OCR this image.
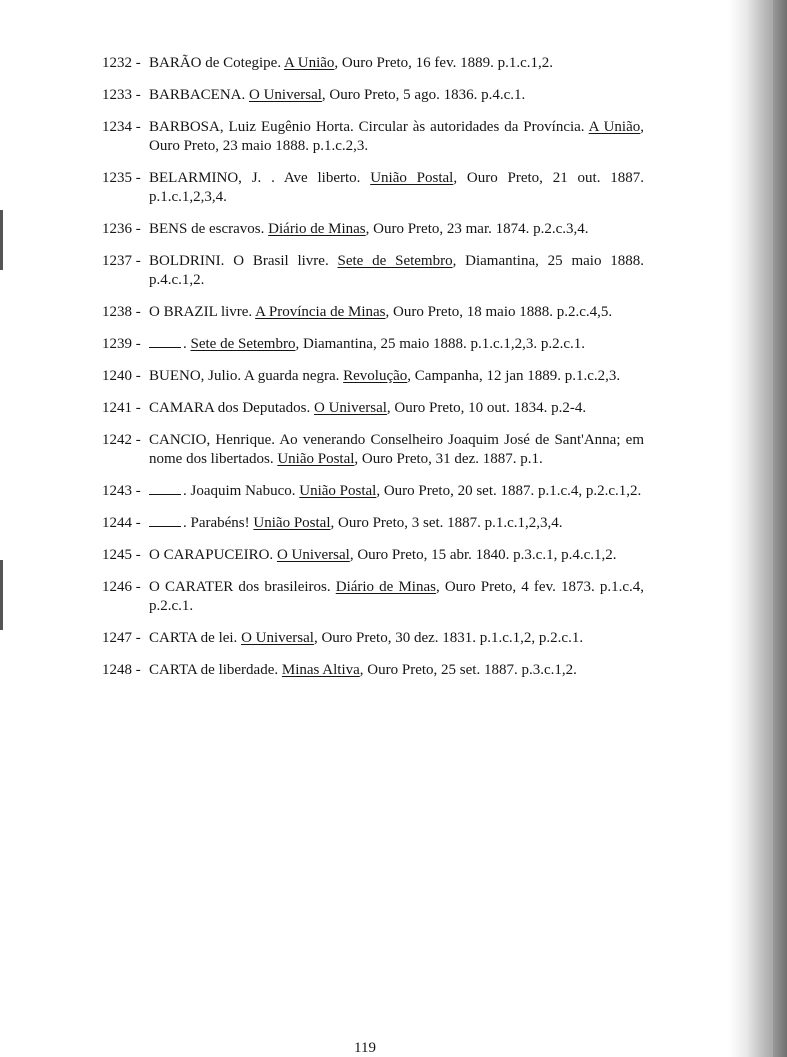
1232 - BARÃO de Cotegipe. A União, Ouro Preto, 16 fev. 1889. p.1.c.1,2.
1233 - BARBACENA. O Universal, Ouro Preto, 5 ago. 1836. p.4.c.1.
1234 - BARBOSA, Luiz Eugênio Horta. Circular às autoridades da Província. A União, Ouro Preto, 23 maio 1888. p.1.c.2,3.
1235 - BELARMINO, J. . Ave liberto. União Postal, Ouro Preto, 21 out. 1887. p.1.c.1,2,3,4.
1236 - BENS de escravos. Diário de Minas, Ouro Preto, 23 mar. 1874. p.2.c.3,4.
1237 - BOLDRINI. O Brasil livre. Sete de Setembro, Diamantina, 25 maio 1888. p.4.c.1,2.
1238 - O BRAZIL livre. A Província de Minas, Ouro Preto, 18 maio 1888. p.2.c.4,5.
1239 -	. Sete de Setembro, Diamantina, 25 maio 1888. p.1.c.1,2,3. p.2.c.1.
1240 - BUENO, Julio. A guarda negra. Revolução, Campanha, 12 jan 1889. p.1.c.2,3.
1241 - CAMARA dos Deputados. O Universal, Ouro Preto, 10 out. 1834. p.2-4.
1242 - CANCIO, Henrique. Ao venerando Conselheiro Joaquim José de Sant'Anna; em nome dos libertados. União Postal, Ouro Preto, 31 dez. 1887. p.1.
1243 -	. Joaquim Nabuco. União Postal, Ouro Preto, 20 set. 1887. p.1.c.4, p.2.c.1,2.
1244 -	. Parabéns! União Postal, Ouro Preto, 3 set. 1887. p.1.c.1,2,3,4.
1245 - O CARAPUCEIRO. O Universal, Ouro Preto, 15 abr. 1840. p.3.c.1, p.4.c.1,2.
1246 - O CARATER dos brasileiros. Diário de Minas, Ouro Preto, 4 fev. 1873. p.1.c.4, p.2.c.1.
1247 - CARTA de lei. O Universal, Ouro Preto, 30 dez. 1831. p.1.c.1,2, p.2.c.1.
1248 - CARTA de liberdade. Minas Altiva, Ouro Preto, 25 set. 1887. p.3.c.1,2.
119
